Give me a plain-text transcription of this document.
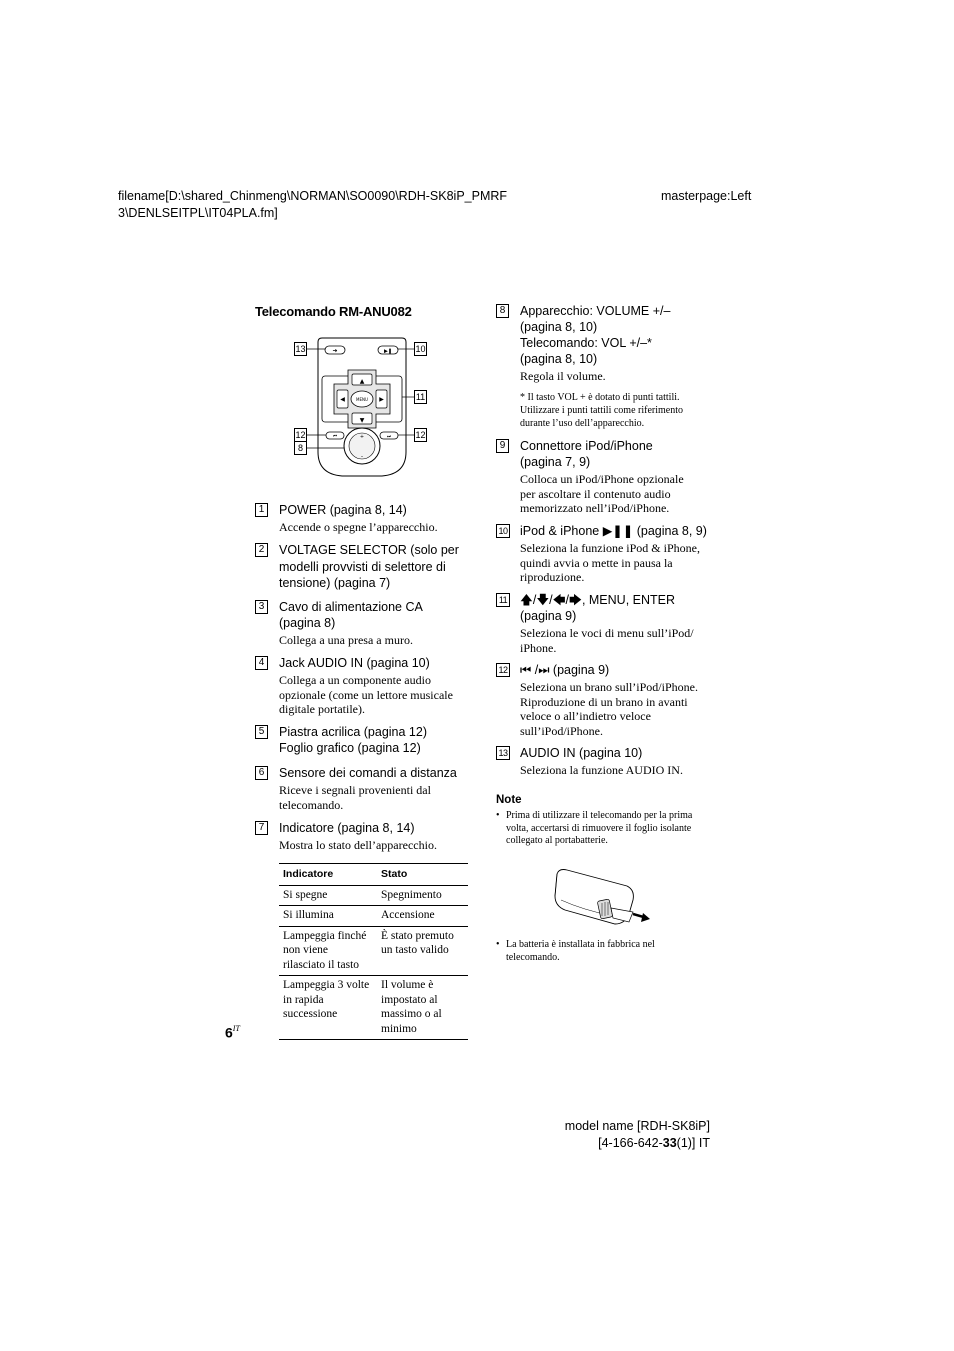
filename[D:\shared_Chinmeng\NORMAN\SO0090\RDH-SK8iP_PMRF
3\DENLSEITPL\IT04PLA.fm]
masterpage:Left
Telecomando RM-ANU082
➜	▶❚
▲
▼
◀	▶
MENU
⏮	⏭
+
–
13	10
11
12	12
8
1 POWER (pagina 8, 14)
Accende o spegne l’apparecchio.
2 VOLTAGE SELECTOR (solo per modelli provvisti di selettore di tensione) (pagina 7)
3 Cavo di alimentazione CA (pagina 8)
Collega a una presa a muro.
4 Jack AUDIO IN (pagina 10)
Collega a un componente audio opzionale (come un lettore musicale digitale portatile).
5 Piastra acrilica (pagina 12)
Foglio grafico (pagina 12)
6 Sensore dei comandi a distanza
Riceve i segnali provenienti dal telecomando.
7 Indicatore (pagina 8, 14)
Mostra lo stato dell’apparecchio.
Indicatore	Stato
Si spegne	Spegnimento
Si illumina	Accensione
Lampeggia finché non viene rilasciato il tasto	È stato premuto un tasto valido
Lampeggia 3 volte in rapida successione	Il volume è impostato al massimo o al minimo
$6^{IT}$
8 Apparecchio: VOLUME +/–
(pagina 8, 10)
Telecomando: VOL +/–*
(pagina 8, 10)
Regola il volume.
* Il tasto VOL + è dotato di punti tattili. Utilizzare i punti tattili come riferimento durante l’uso dell’apparecchio.
9 Connettore iPod/iPhone (pagina 7, 9)
Colloca un iPod/iPhone opzionale per ascoltare il contenuto audio memorizzato nell’iPod/iPhone.
10 iPod & iPhone ▶❚❚ (pagina 8, 9)
Seleziona la funzione iPod & iPhone, quindi avvia o mette in pausa la riproduzione.
11 🡅/🡇/🡄/🡆, MENU, ENTER (pagina 9)
Seleziona le voci di menu sull’iPod/ iPhone.
12 ⏮ /⏭ (pagina 9)
Seleziona un brano sull’iPod/iPhone. Riproduzione di un brano in avanti veloce o all’indietro veloce sull’iPod/iPhone.
13 AUDIO IN (pagina 10)
Seleziona la funzione AUDIO IN.
Note
• Prima di utilizzare il telecomando per la prima volta, accertarsi di rimuovere il foglio isolante collegato al portabatterie.
• La batteria è installata in fabbrica nel telecomando.
model name [RDH-SK8iP]
[4-166-642-33(1)] IT
